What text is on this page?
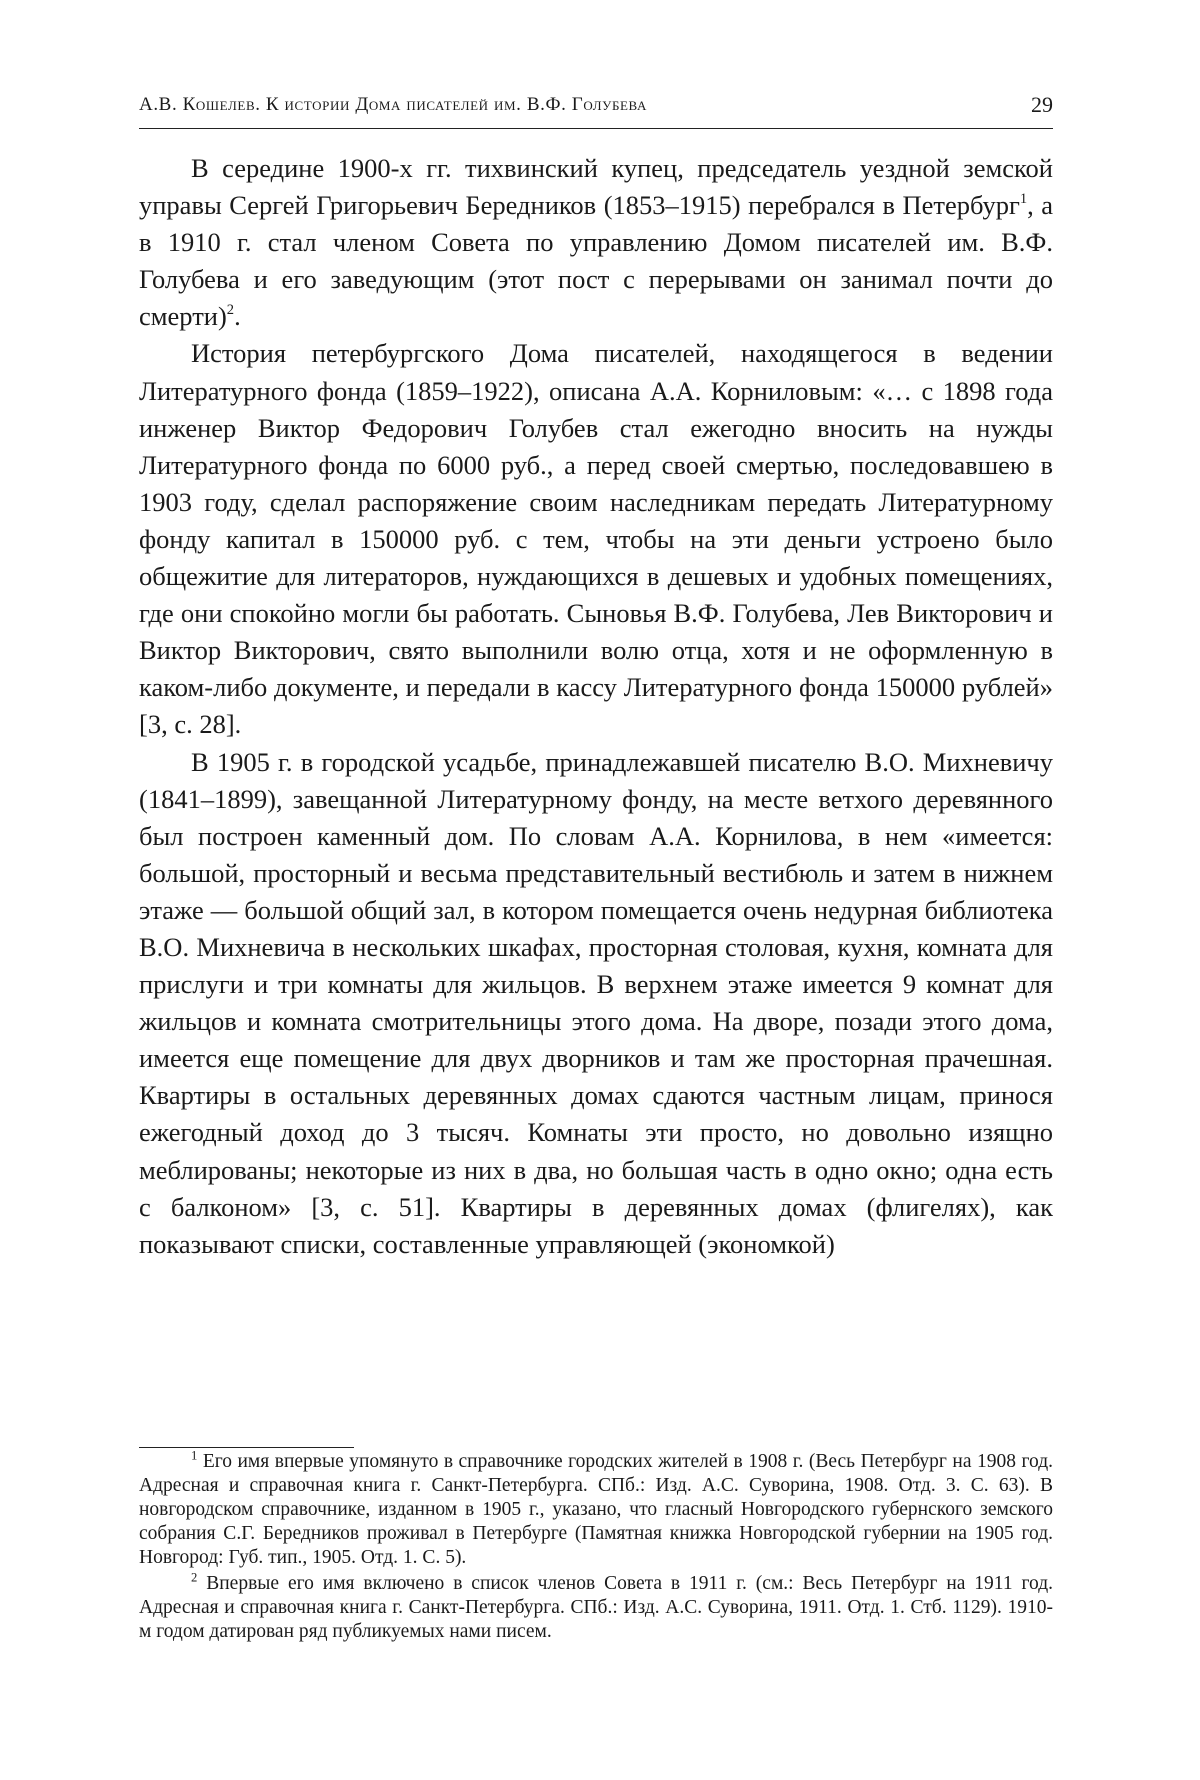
А.В. Кошелев. К истории Дома писателей им. В.Ф. Голубева	29

В середине 1900-х гг. тихвинский купец, председатель уездной земской управы Сергей Григорьевич Бередников (1853–1915) перебрался в Петербург$^1$, а в 1910 г. стал членом Совета по управлению Домом писателей им. В.Ф. Голубева и его заведующим (этот пост с перерывами он занимал почти до смерти)$^2$.

История петербургского Дома писателей, находящегося в ведении Литературного фонда (1859–1922), описана А.А. Корниловым: «… с 1898 года инженер Виктор Федорович Голубев стал ежегодно вносить на нужды Литературного фонда по 6000 руб., а перед своей смертью, последовавшею в 1903 году, сделал распоряжение своим наследникам передать Литературному фонду капитал в 150000 руб. с тем, чтобы на эти деньги устроено было общежитие для литераторов, нуждающихся в дешевых и удобных помещениях, где они спокойно могли бы работать. Сыновья В.Ф. Голубева, Лев Викторович и Виктор Викторович, свято выполнили волю отца, хотя и не оформленную в каком-либо документе, и передали в кассу Литературного фонда 150000 рублей» [3, с. 28].

В 1905 г. в городской усадьбе, принадлежавшей писателю В.О. Михневичу (1841–1899), завещанной Литературному фонду, на месте ветхого деревянного был построен каменный дом. По словам А.А. Корнилова, в нем «имеется: большой, просторный и весьма представительный вестибюль и затем в нижнем этаже — большой общий зал, в котором помещается очень недурная библиотека В.О. Михневича в нескольких шкафах, просторная столовая, кухня, комната для прислуги и три комнаты для жильцов. В верхнем этаже имеется 9 комнат для жильцов и комната смотрительницы этого дома. На дворе, позади этого дома, имеется еще помещение для двух дворников и там же просторная прачешная. Квартиры в остальных деревянных домах сдаются частным лицам, принося ежегодный доход до 3 тысяч. Комнаты эти просто, но довольно изящно меблированы; некоторые из них в два, но большая часть в одно окно; одна есть с балконом» [3, с. 51]. Квартиры в деревянных домах (флигелях), как показывают списки, составленные управляющей (экономкой)

$^1$ Его имя впервые упомянуто в справочнике городских жителей в 1908 г. (Весь Петербург на 1908 год. Адресная и справочная книга г. Санкт-Петербурга. СПб.: Изд. А.С. Суворина, 1908. Отд. 3. С. 63). В новгородском справочнике, изданном в 1905 г., указано, что гласный Новгородского губернского земского собрания С.Г. Бередников проживал в Петербурге (Памятная книжка Новгородской губернии на 1905 год. Новгород: Губ. тип., 1905. Отд. 1. С. 5).

$^2$ Впервые его имя включено в список членов Совета в 1911 г. (см.: Весь Петербург на 1911 год. Адресная и справочная книга г. Санкт-Петербурга. СПб.: Изд. А.С. Суворина, 1911. Отд. 1. Стб. 1129). 1910-м годом датирован ряд публикуемых нами писем.
